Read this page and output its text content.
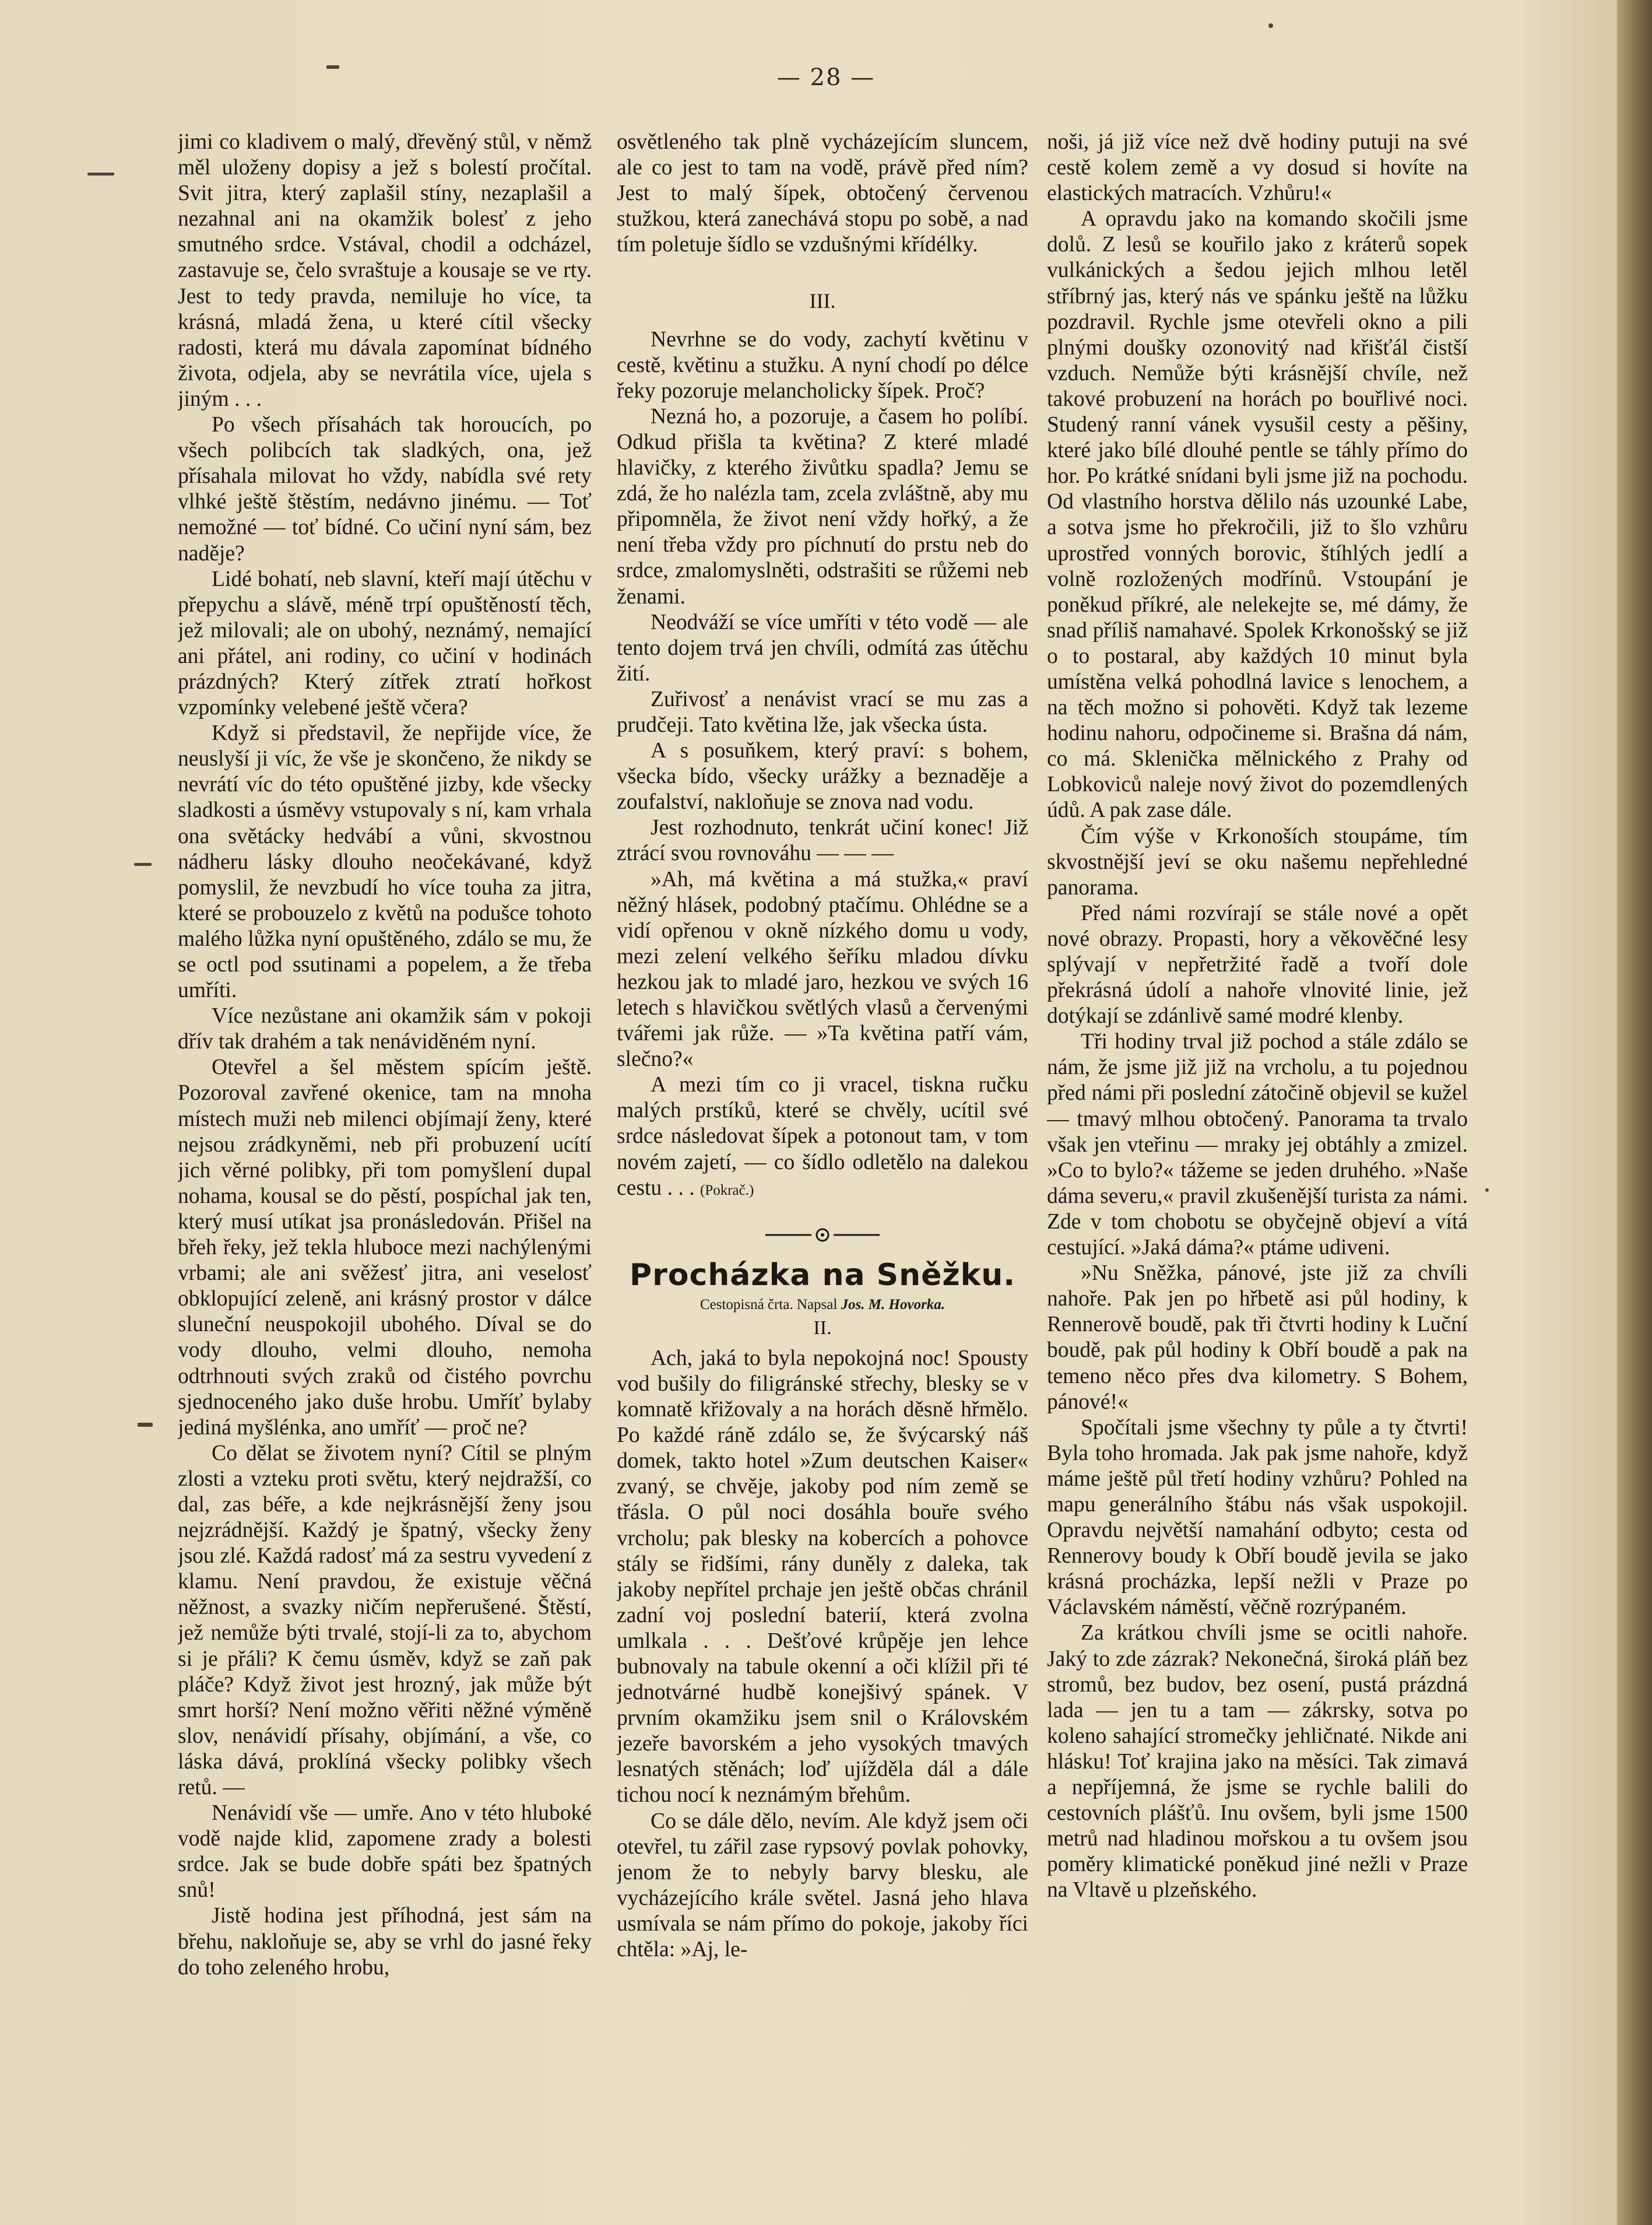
— 28 —

jimi co kladivem o malý, dřevěný stůl, v němž měl uloženy dopisy a jež s bolestí pročítal. Svit jitra, který zaplašil stíny, nezaplašil a nezahnal ani na okamžik bolesť z jeho smutného srdce. Vstával, chodil a odcházel, zastavuje se, čelo svraštuje a kousaje se ve rty. Jest to tedy pravda, nemiluje ho více, ta krásná, mladá žena, u které cítil všecky radosti, která mu dávala zapomínat bídného života, odjela, aby se nevrátila více, ujela s jiným . . .

Po všech přísahách tak horoucích, po všech polibcích tak sladkých, ona, jež přísahala milovat ho vždy, nabídla své rety vlhké ještě štěstím, nedávno jinému. — Toť nemožné — toť bídné. Co učiní nyní sám, bez naděje?

Lidé bohatí, neb slavní, kteří mají útěchu v přepychu a slávě, méně trpí opuštěností těch, jež milovali; ale on ubohý, neznámý, nemající ani přátel, ani rodiny, co učiní v hodinách prázdných? Který zítřek ztratí hořkost vzpomínky velebené ještě včera?

Když si představil, že nepřijde více, že neuslyší ji víc, že vše je skončeno, že nikdy se nevrátí víc do této opuštěné jizby, kde všecky sladkosti a úsměvy vstupovaly s ní, kam vrhala ona světácky hedvábí a vůni, skvostnou nádheru lásky dlouho neočekávané, když pomyslil, že nevzbudí ho více touha za jitra, které se probouzelo z květů na podušce tohoto malého lůžka nyní opuštěného, zdálo se mu, že se octl pod ssutinami a popelem, a že třeba umříti.

Více nezůstane ani okamžik sám v pokoji dřív tak drahém a tak nenáviděném nyní.

Otevřel a šel městem spícím ještě. Pozoroval zavřené okenice, tam na mnoha místech muži neb milenci objímají ženy, které nejsou zrádkyněmi, neb při probuzení ucítí jich věrné polibky, při tom pomyšlení dupal nohama, kousal se do pěstí, pospíchal jak ten, který musí utíkat jsa pronásledován. Přišel na břeh řeky, jež tekla hluboce mezi nachýlenými vrbami; ale ani svěžesť jitra, ani veselosť obklopující zeleně, ani krásný prostor v dálce sluneční neuspokojil ubohého. Díval se do vody dlouho, velmi dlouho, nemoha odtrhnouti svých zraků od čistého povrchu sjednoceného jako duše hrobu. Umříť bylaby jediná myšlénka, ano umříť — proč ne?

Co dělat se životem nyní? Cítil se plným zlosti a vzteku proti světu, který nejdražší, co dal, zas béře, a kde nejkrásnější ženy jsou nejzrádnější. Každý je špatný, všecky ženy jsou zlé. Každá radosť má za sestru vyvedení z klamu. Není pravdou, že existuje věčná něžnost, a svazky ničím nepřerušené. Štěstí, jež nemůže býti trvalé, stojí-li za to, abychom si je přáli? K čemu úsměv, když se zaň pak pláče? Když život jest hrozný, jak může být smrt horší? Není možno věřiti něžné výměně slov, nenávidí přísahy, objímání, a vše, co láska dává, proklíná všecky polibky všech retů. —

Nenávidí vše — umře. Ano v této hluboké vodě najde klid, zapomene zrady a bolesti srdce. Jak se bude dobře spáti bez špatných snů!

Jistě hodina jest příhodná, jest sám na břehu, nakloňuje se, aby se vrhl do jasné řeky do toho zeleného hrobu,

osvětleného tak plně vycházejícím sluncem, ale co jest to tam na vodě, právě před ním? Jest to malý šípek, obtočený červenou stužkou, která zanechává stopu po sobě, a nad tím poletuje šídlo se vzdušnými křídélky.

III.

Nevrhne se do vody, zachytí květinu v cestě, květinu a stužku. A nyní chodí po délce řeky pozoruje melancholicky šípek. Proč?

Nezná ho, a pozoruje, a časem ho políbí. Odkud přišla ta květina? Z které mladé hlavičky, z kterého živůtku spadla? Jemu se zdá, že ho nalézla tam, zcela zvláštně, aby mu připomněla, že život není vždy hořký, a že není třeba vždy pro píchnutí do prstu neb do srdce, zmalomyslněti, odstrašiti se růžemi neb ženami.

Neodváží se více umříti v této vodě — ale tento dojem trvá jen chvíli, odmítá zas útěchu žití.

Zuřivosť a nenávist vrací se mu zas a prudčeji. Tato květina lže, jak všecka ústa.

A s posuňkem, který praví: s bohem, všecka bído, všecky urážky a beznaděje a zoufalství, nakloňuje se znova nad vodu.

Jest rozhodnuto, tenkrát učiní konec! Již ztrácí svou rovnováhu — — —

»Ah, má květina a má stužka,« praví něžný hlásek, podobný ptačímu. Ohlédne se a vidí opřenou v okně nízkého domu u vody, mezi zelení velkého šeříku mladou dívku hezkou jak to mladé jaro, hezkou ve svých 16 letech s hlavičkou světlých vlasů a červenými tvářemi jak růže. — »Ta květina patří vám, slečno?«

A mezi tím co ji vracel, tiskna ručku malých prstíků, které se chvěly, ucítil své srdce následovat šípek a potonout tam, v tom novém zajetí, — co šídlo odletělo na dalekou cestu . . . (Pokrač.)

Procházka na Sněžku.

Cestopisná črta. Napsal Jos. M. Hovorka.

II.

Ach, jaká to byla nepokojná noc! Spousty vod bušily do filigránské střechy, blesky se v komnatě křižovaly a na horách děsně hřmělo. Po každé ráně zdálo se, že švýcarský náš domek, takto hotel »Zum deutschen Kaiser« zvaný, se chvěje, jakoby pod ním země se třásla. O půl noci dosáhla bouře svého vrcholu; pak blesky na kobercích a pohovce stály se řidšími, rány duněly z daleka, tak jakoby nepřítel prchaje jen ještě občas chránil zadní voj poslední baterií, která zvolna umlkala . . . Dešťové krůpěje jen lehce bubnovaly na tabule okenní a oči klížil při té jednotvárné hudbě konejšivý spánek. V prvním okamžiku jsem snil o Královském jezeře bavorském a jeho vysokých tmavých lesnatých stěnách; loď ujížděla dál a dále tichou nocí k neznámým břehům.

Co se dále dělo, nevím. Ale když jsem oči otevřel, tu zářil zase rypsový povlak pohovky, jenom že to nebyly barvy blesku, ale vycházejícího krále světel. Jasná jeho hlava usmívala se nám přímo do pokoje, jakoby říci chtěla: »Aj, le-

noši, já již více než dvě hodiny putuji na své cestě kolem země a vy dosud si hovíte na elastických matracích. Vzhůru!«

A opravdu jako na komando skočili jsme dolů. Z lesů se kouřilo jako z kráterů sopek vulkánických a šedou jejich mlhou letěl stříbrný jas, který nás ve spánku ještě na lůžku pozdravil. Rychle jsme otevřeli okno a pili plnými doušky ozonovitý nad křišťál čistší vzduch. Nemůže býti krásnější chvíle, než takové probuzení na horách po bouřlivé noci. Studený ranní vánek vysušil cesty a pěšiny, které jako bílé dlouhé pentle se táhly přímo do hor. Po krátké snídani byli jsme již na pochodu. Od vlastního horstva dělilo nás uzounké Labe, a sotva jsme ho překročili, již to šlo vzhůru uprostřed vonných borovic, štíhlých jedlí a volně rozložených modřínů. Vstoupání je poněkud příkré, ale nelekejte se, mé dámy, že snad příliš namahavé. Spolek Krkonošský se již o to postaral, aby každých 10 minut byla umístěna velká pohodlná lavice s lenochem, a na těch možno si pohověti. Když tak lezeme hodinu nahoru, odpočineme si. Brašna dá nám, co má. Sklenička mělnického z Prahy od Lobkoviců naleje nový život do pozemdlených údů. A pak zase dále.

Čím výše v Krkonoších stoupáme, tím skvostnější jeví se oku našemu nepřehledné panorama.

Před námi rozvírají se stále nové a opět nové obrazy. Propasti, hory a věkověčné lesy splývají v nepřetržité řadě a tvoří dole překrásná údolí a nahoře vlnovité linie, jež dotýkají se zdánlivě samé modré klenby.

Tři hodiny trval již pochod a stále zdálo se nám, že jsme již již na vrcholu, a tu pojednou před námi při poslední zátočině objevil se kužel — tmavý mlhou obtočený. Panorama ta trvalo však jen vteřinu — mraky jej obtáhly a zmizel. »Co to bylo?« tážeme se jeden druhého. »Naše dáma severu,« pravil zkušenější turista za námi. Zde v tom chobotu se obyčejně objeví a vítá cestující. »Jaká dáma?« ptáme udiveni.

»Nu Sněžka, pánové, jste již za chvíli nahoře. Pak jen po hřbetě asi půl hodiny, k Rennerově boudě, pak tři čtvrti hodiny k Luční boudě, pak půl hodiny k Obří boudě a pak na temeno něco přes dva kilometry. S Bohem, pánové!«

Spočítali jsme všechny ty půle a ty čtvrti! Byla toho hromada. Jak pak jsme nahoře, když máme ještě půl třetí hodiny vzhůru? Pohled na mapu generálního štábu nás však uspokojil. Opravdu největší namahání odbyto; cesta od Rennerovy boudy k Obří boudě jevila se jako krásná procházka, lepší nežli v Praze po Václavském náměstí, věčně rozrýpaném.

Za krátkou chvíli jsme se ocitli nahoře. Jaký to zde zázrak? Nekonečná, široká pláň bez stromů, bez budov, bez osení, pustá prázdná lada — jen tu a tam — zákrsky, sotva po koleno sahající stromečky jehličnaté. Nikde ani hlásku! Toť krajina jako na měsíci. Tak zimavá a nepříjemná, že jsme se rychle balili do cestovních plášťů. Inu ovšem, byli jsme 1500 metrů nad hladinou mořskou a tu ovšem jsou poměry klimatické poněkud jiné nežli v Praze na Vltavě u plzeňského.
